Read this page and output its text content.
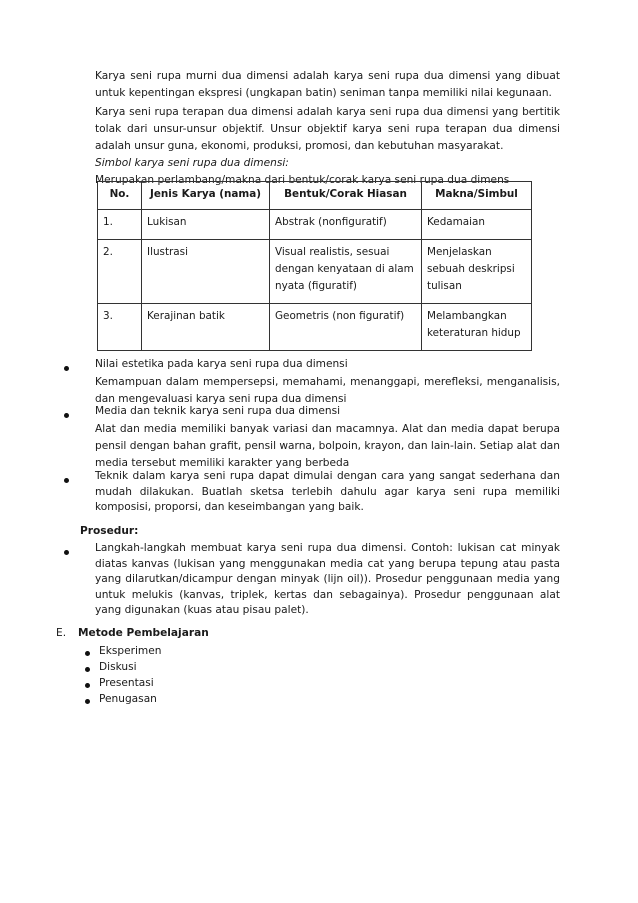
Karya seni rupa murni dua dimensi adalah karya seni rupa dua dimensi yang dibuat untuk kepentingan ekspresi (ungkapan batin) seniman tanpa memiliki nilai kegunaan.

Karya seni rupa terapan dua dimensi adalah karya seni rupa dua dimensi yang bertitik tolak dari unsur-unsur objektif. Unsur objektif karya seni rupa terapan dua dimensi adalah unsur guna, ekonomi, produksi, promosi, dan kebutuhan masyarakat.

Simbol karya seni rupa dua dimensi:

Merupakan perlambang/makna dari bentuk/corak karya seni rupa dua dimens

No.	Jenis Karya (nama)	Bentuk/Corak Hiasan	Makna/Simbul
1.	Lukisan	Abstrak (nonfiguratif)	Kedamaian
2.	Ilustrasi	Visual realistis, sesuai dengan kenyataan di alam nyata (figuratif)	Menjelaskan sebuah deskripsi tulisan
3.	Kerajinan batik	Geometris (non figuratif)	Melambangkan keteraturan hidup

Nilai estetika pada karya seni rupa dua dimensi

Kemampuan dalam mempersepsi, memahami, menanggapi, merefleksi, menganalisis, dan mengevaluasi karya seni rupa dua dimensi

Media dan teknik karya seni rupa dua dimensi

Alat dan media memiliki banyak variasi dan macamnya. Alat dan media dapat berupa pensil dengan bahan grafit, pensil warna, bolpoin, krayon, dan lain-lain. Setiap alat dan media tersebut memiliki karakter yang berbeda

Teknik dalam karya seni rupa dapat dimulai dengan cara yang sangat sederhana dan mudah dilakukan. Buatlah sketsa terlebih dahulu agar karya seni rupa memiliki komposisi, proporsi, dan keseimbangan yang baik.

Prosedur:

Langkah-langkah membuat karya seni rupa dua dimensi. Contoh: lukisan cat minyak diatas kanvas (lukisan yang menggunakan media cat yang berupa tepung atau pasta yang dilarutkan/dicampur dengan minyak (lijn oil)). Prosedur penggunaan media yang untuk melukis (kanvas, triplek, kertas dan sebagainya). Prosedur penggunaan alat yang digunakan (kuas atau pisau palet).

E. Metode Pembelajaran

Eksperimen

Diskusi

Presentasi

Penugasan
